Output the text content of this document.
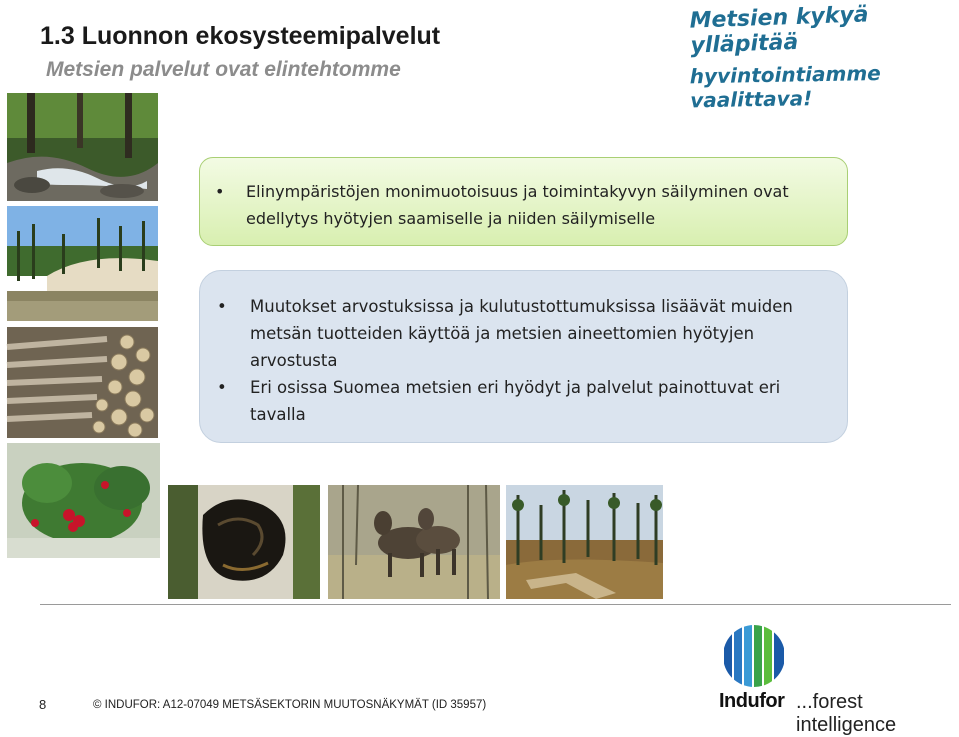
1.3 Luonnon ekosysteemipalvelut
Metsien palvelut ovat elintehtomme
Metsien kykyä ylläpitää
hyvintointiamme vaalittava!
• Elinympäristöjen monimuotoisuus ja toimintakyvyn säilyminen ovat edellytys hyötyjen saamiselle ja niiden säilymiselle
• Muutokset arvostuksissa ja kulutustottumuksissa lisäävät muiden metsän tuotteiden käyttöä ja metsien aineettomien hyötyjen arvostusta
• Eri osissa Suomea metsien eri hyödyt ja palvelut painottuvat eri tavalla
8	© INDUFOR: A12-07049 METSÄSEKTORIN MUUTOSNÄKYMÄT (ID 35957)	Indufor ...forest intelligence
